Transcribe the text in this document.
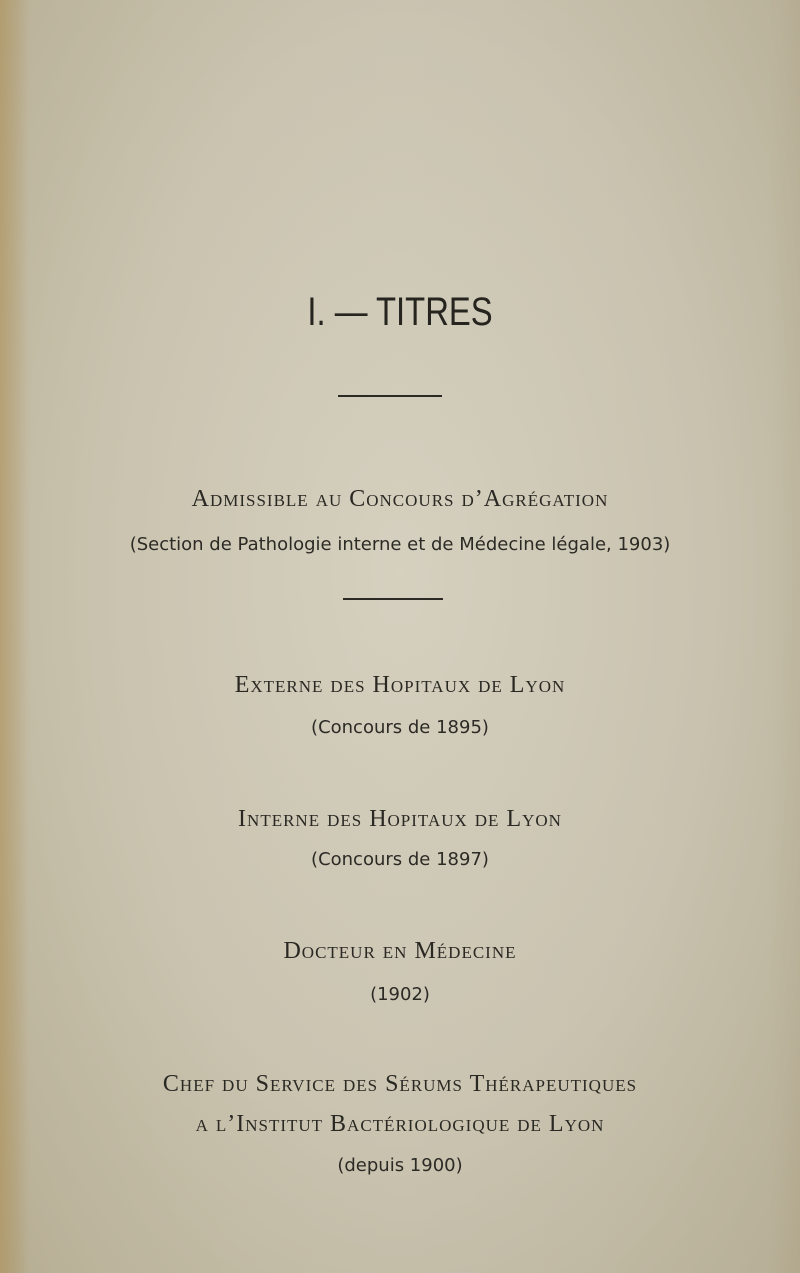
I. — TITRES
Admissible au Concours d’Agrégation
(Section de Pathologie interne et de Médecine légale, 1903)
Externe des Hopitaux de Lyon
(Concours de 1895)
Interne des Hopitaux de Lyon
(Concours de 1897)
Docteur en Médecine
(1902)
Chef du Service des Sérums Thérapeutiques
a l’Institut Bactériologique de Lyon
(depuis 1900)
